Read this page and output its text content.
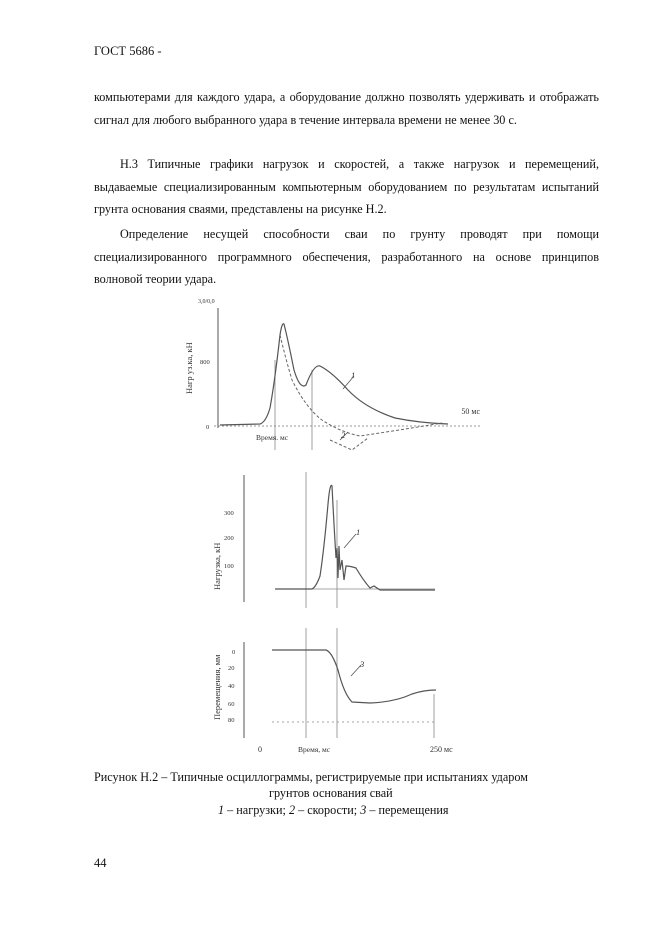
ГОСТ 5686 -

компьютерами для каждого удара, а оборудование должно позволять удерживать и отображать сигнал для любого выбранного удара в течение интервала времени не менее 30 с.

Н.3 Типичные графики нагрузок и скоростей, а также нагрузок и перемещений, выдаваемые специализированным компьютерным оборудованием по результатам испытаний грунта основания сваями, представлены на рисунке Н.2.

Определение несущей способности сваи по грунту проводят при помощи специализированного программного обеспечения, разработанного на основе принципов волновой теории удара.

Нагр уз.ка, кН
3,0/0,0
800
0
50 мс
Время. мс
1
2
Нагрузка, кН
300
200
100
1
Перемещения, мм
0
20
40
60
80
3
0	Время, мс	250 мс
Рисунок Н.2 – Типичные осциллограммы, регистрируемые при испытаниях ударом
грунтов основания свай
1 – нагрузки; 2 – скорости; 3 – перемещения
44
